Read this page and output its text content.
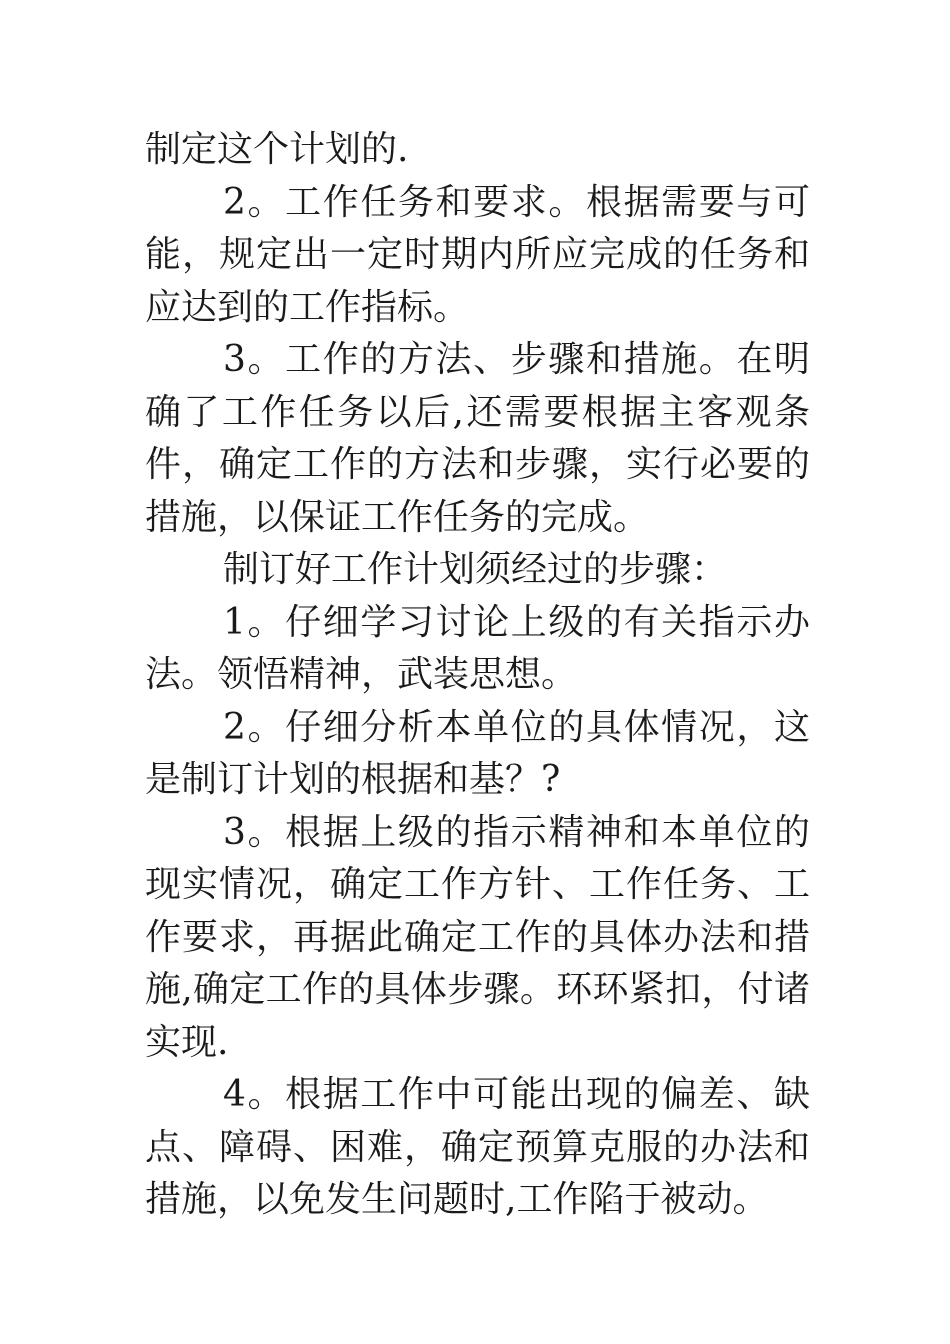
制定这个计划的.

2。工作任务和要求。根据需要与可能，规定出一定时期内所应完成的任务和应达到的工作指标。

3。工作的方法、步骤和措施。在明确了工作任务以后,还需要根据主客观条件，确定工作的方法和步骤，实行必要的措施，以保证工作任务的完成。

制订好工作计划须经过的步骤：

1。仔细学习讨论上级的有关指示办法。领悟精神，武装思想。

2。仔细分析本单位的具体情况，这是制订计划的根据和基？?

3。根据上级的指示精神和本单位的现实情况，确定工作方针、工作任务、工作要求，再据此确定工作的具体办法和措施,确定工作的具体步骤。环环紧扣，付诸实现.

4。根据工作中可能出现的偏差、缺点、障碍、困难，确定预算克服的办法和措施，以免发生问题时,工作陷于被动。
